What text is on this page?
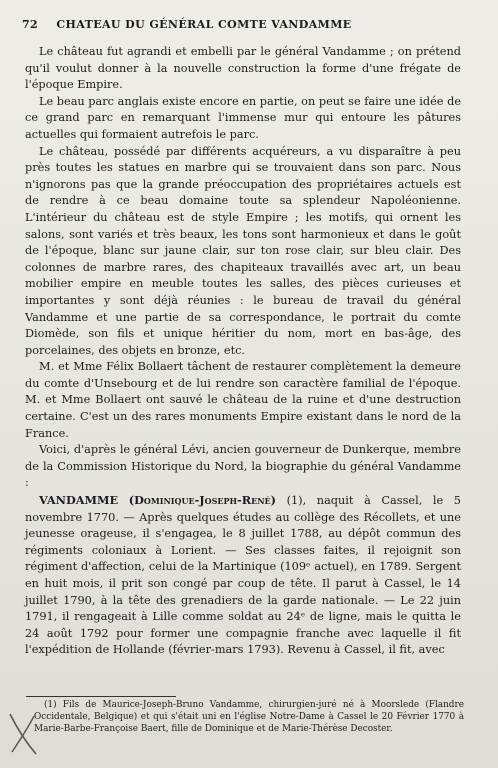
72 CHATEAU DU GÉNÉRAL COMTE VANDAMME

Le château fut agrandi et embelli par le général Vandamme ; on prétend qu'il voulut donner à la nouvelle construction la forme d'une frégate de l'époque Empire.

Le beau parc anglais existe encore en partie, on peut se faire une idée de ce grand parc en remarquant l'immense mur qui entoure les pâtures actuelles qui formaient autrefois le parc.

Le château, possédé par différents acquéreurs, a vu disparaître à peu près toutes les statues en marbre qui se trouvaient dans son parc. Nous n'ignorons pas que la grande préoccupation des propriétaires actuels est de rendre à ce beau domaine toute sa splendeur Napoléonienne. L'intérieur du château est de style Empire ; les motifs, qui ornent les salons, sont variés et très beaux, les tons sont harmonieux et dans le goût de l'époque, blanc sur jaune clair, sur ton rose clair, sur bleu clair. Des colonnes de marbre rares, des chapiteaux travaillés avec art, un beau mobilier empire en meuble toutes les salles, des pièces curieuses et importantes y sont déjà réunies : le bureau de travail du général Vandamme et une partie de sa correspondance, le portrait du comte Diomède, son fils et unique héritier du nom, mort en bas-âge, des porcelaines, des objets en bronze, etc.

M. et Mme Félix Bollaert tâchent de restaurer complètement la demeure du comte d'Unsebourg et de lui rendre son caractère familial de l'époque. M. et Mme Bollaert ont sauvé le château de la ruine et d'une destruction certaine. C'est un des rares monuments Empire existant dans le nord de la France.

Voici, d'après le général Lévi, ancien gouverneur de Dunkerque, membre de la Commission Historique du Nord, la biographie du général Vandamme :

VANDAMME (Dominique-Joseph-René) (1), naquit à Cassel, le 5 novembre 1770. — Après quelques études au collège des Récollets, et une jeunesse orageuse, il s'engagea, le 8 juillet 1788, au dépôt commun des régiments coloniaux à Lorient. — Ses classes faites, il rejoignit son régiment d'affection, celui de la Martinique (109ᵉ actuel), en 1789. Sergent en huit mois, il prit son congé par coup de tête. Il parut à Cassel, le 14 juillet 1790, à la tête des grenadiers de la garde nationale. — Le 22 juin 1791, il rengageait à Lille comme soldat au 24ᵉ de ligne, mais le quitta le 24 août 1792 pour former une compagnie franche avec laquelle il fit l'expédition de Hollande (février-mars 1793). Revenu à Cassel, il fit, avec

(1) Fils de Maurice-Joseph-Bruno Vandamme, chirurgien-juré né à Moorslede (Flandre Occidentale, Belgique) et qui s'était uni en l'église Notre-Dame à Cassel le 20 Février 1770 à Marie-Barbe-Françoise Baert, fille de Dominique et de Marie-Thérèse Decoster.
